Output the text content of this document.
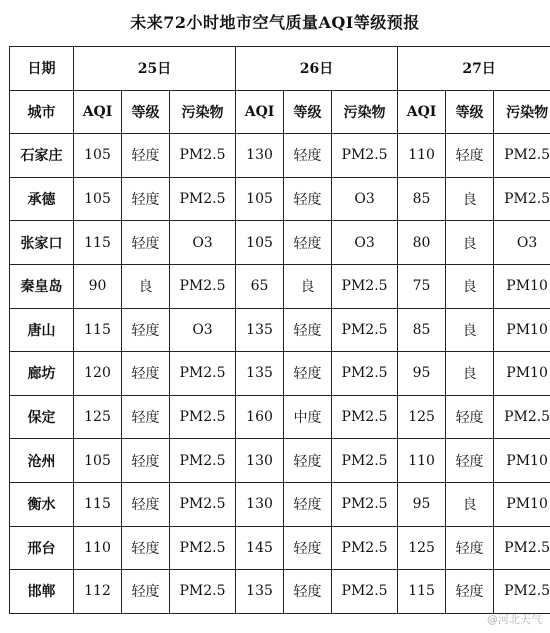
未来72小时地市空气质量AQI等级预报
日期	25日			26日			27日		
城市	AQI	等级	污染物	AQI	等级	污染物	AQI	等级	污染物
石家庄	105	轻度	PM2.5	130	轻度	PM2.5	110	轻度	PM2.5
承德	105	轻度	PM2.5	105	轻度	O3	85	良	PM2.5
张家口	115	轻度	O3	105	轻度	O3	80	良	O3
秦皇岛	90	良	PM2.5	65	良	PM2.5	75	良	PM10
唐山	115	轻度	O3	135	轻度	PM2.5	85	良	PM10
廊坊	120	轻度	PM2.5	135	轻度	PM2.5	95	良	PM10
保定	125	轻度	PM2.5	160	中度	PM2.5	125	轻度	PM2.5
沧州	105	轻度	PM2.5	130	轻度	PM2.5	110	轻度	PM10
衡水	115	轻度	PM2.5	130	轻度	PM2.5	95	良	PM10
邢台	110	轻度	PM2.5	145	轻度	PM2.5	125	轻度	PM2.5
邯郸	112	轻度	PM2.5	135	轻度	PM2.5	115	轻度	PM2.5
@河北天气
